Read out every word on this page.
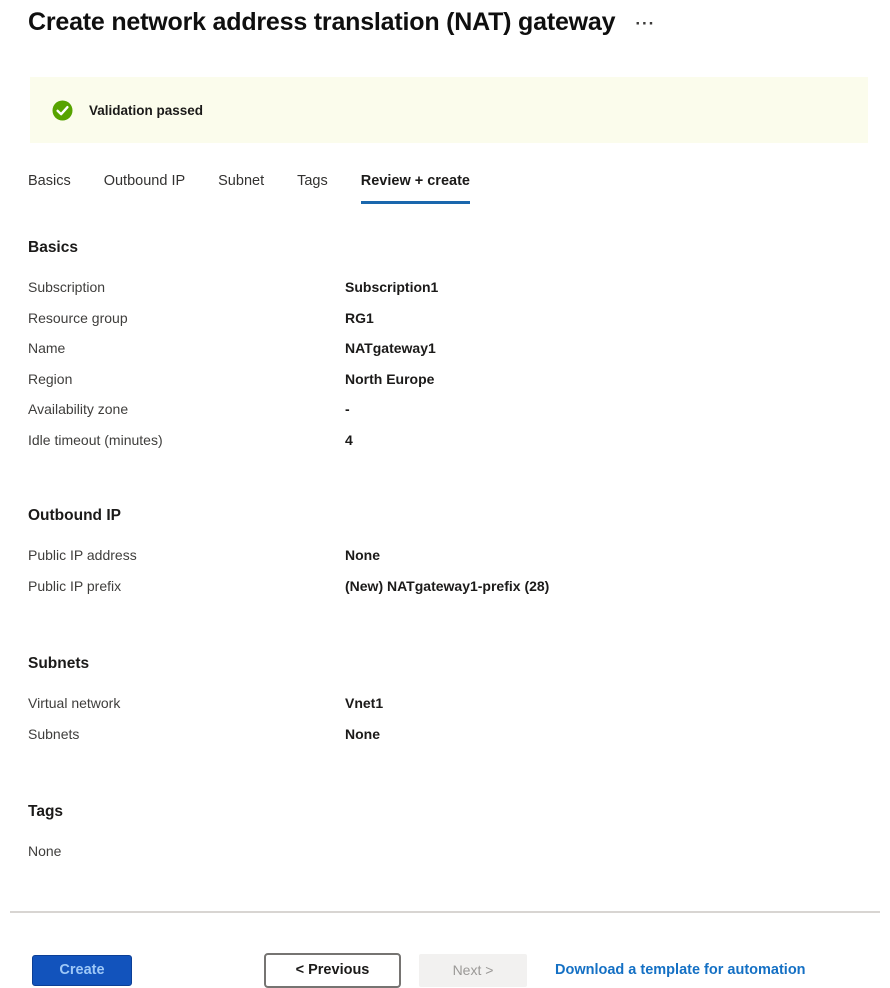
Create network address translation (NAT) gateway ···
Validation passed
Basics Outbound IP Subnet Tags Review + create
Basics
Subscription	Subscription1
Resource group	RG1
Name	NATgateway1
Region	North Europe
Availability zone	-
Idle timeout (minutes)	4
Outbound IP
Public IP address	None
Public IP prefix	(New) NATgateway1-prefix (28)
Subnets
Virtual network	Vnet1
Subnets	None
Tags
None
Create	< Previous	Next >	Download a template for automation
